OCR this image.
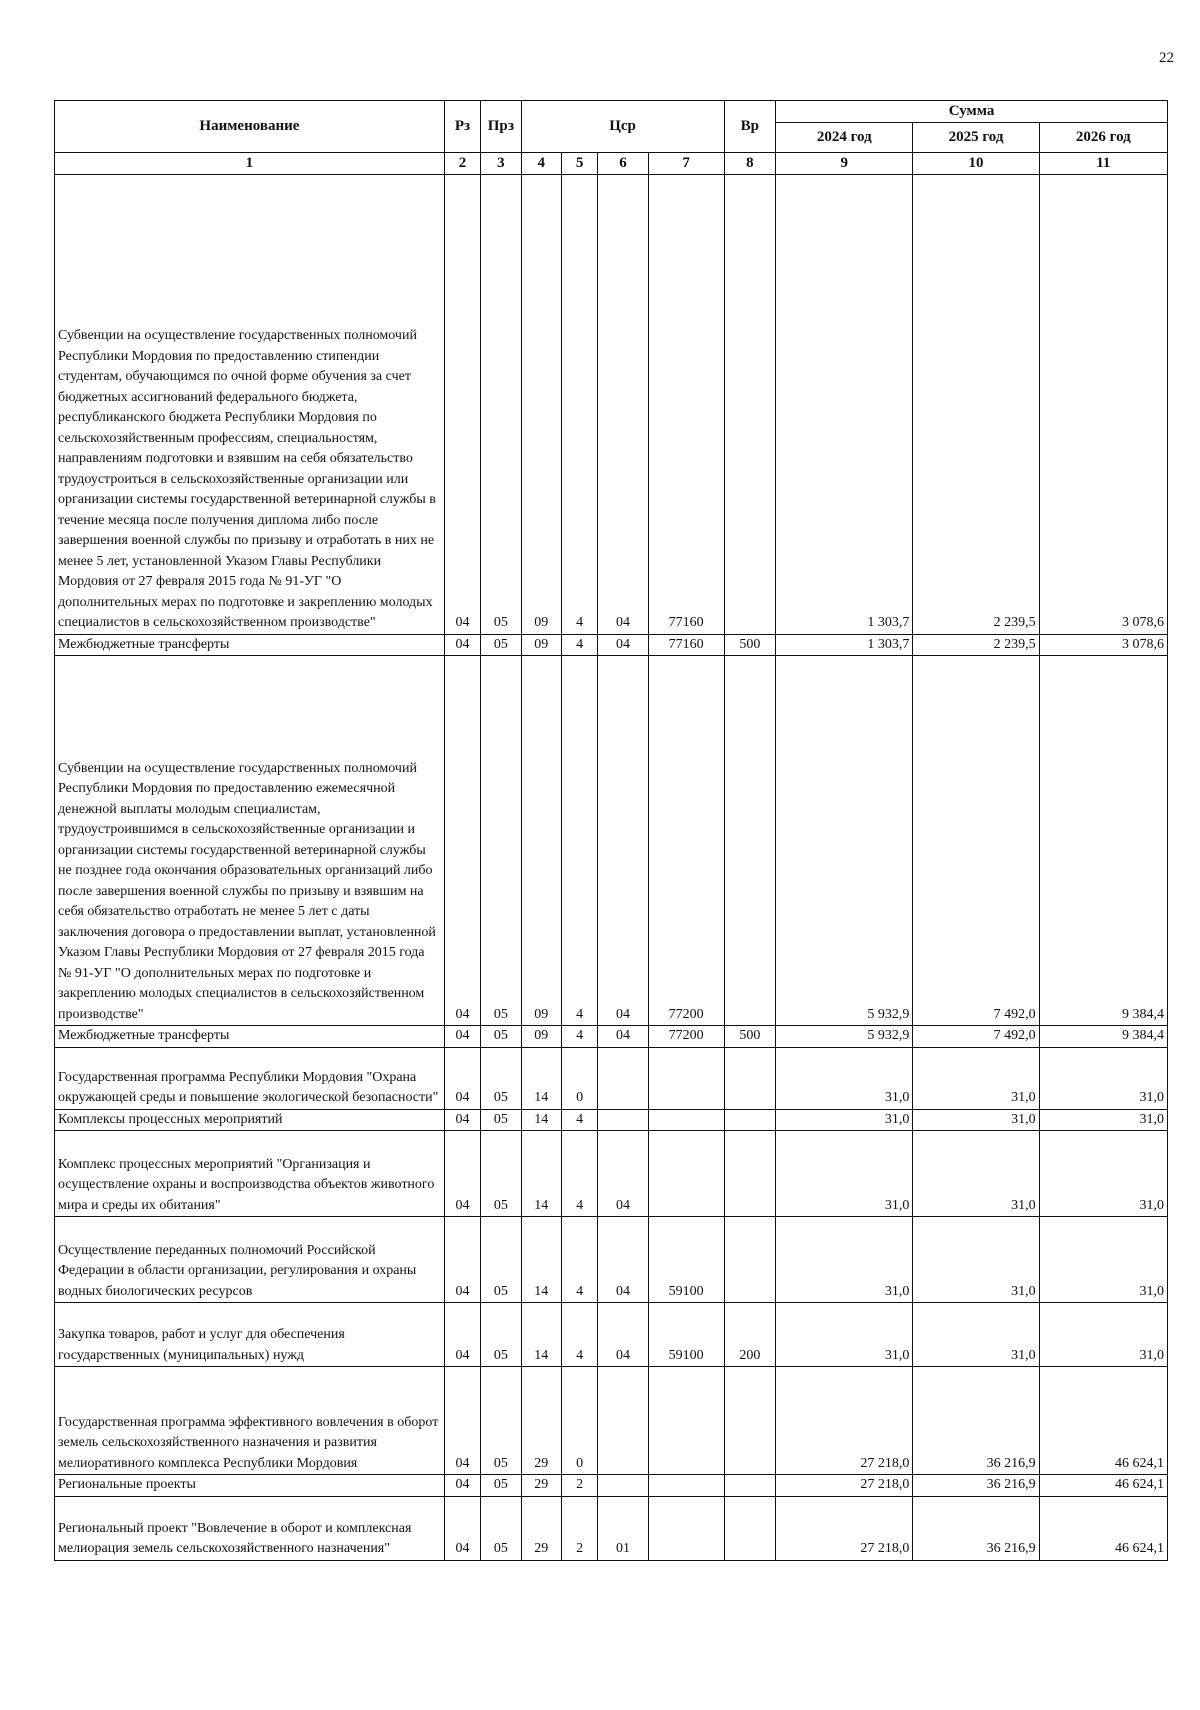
22
Наименование	Рз	Прз	Цср				Вр	Сумма		
								2024 год	2025 год	2026 год
1	2	3	4	5	6	7	8	9	10	11
Субвенции на осуществление государственных полномочий Республики Мордовия по предоставлению стипендии студентам, обучающимся по очной форме обучения за счет бюджетных ассигнований федерального бюджета, республиканского бюджета Республики Мордовия по сельскохозяйственным профессиям, специальностям, направлениям подготовки и взявшим на себя обязательство трудоустроиться в сельскохозяйственные организации или организации системы государственной ветеринарной службы в течение месяца после получения диплома либо после завершения военной службы по призыву и отработать в них не менее 5 лет, установленной Указом Главы Республики Мордовия от 27 февраля 2015 года № 91-УГ "О дополнительных мерах по подготовке и закреплению молодых специалистов в сельскохозяйственном производстве"	04	05	09	4	04	77160		1 303,7	2 239,5	3 078,6
Межбюджетные трансферты	04	05	09	4	04	77160	500	1 303,7	2 239,5	3 078,6
Субвенции на осуществление государственных полномочий Республики Мордовия по предоставлению ежемесячной денежной выплаты молодым специалистам, трудоустроившимся в сельскохозяйственные организации и организации системы государственной ветеринарной службы не позднее года окончания образовательных организаций либо после завершения военной службы по призыву и взявшим на себя обязательство отработать не менее 5 лет с даты заключения договора о предоставлении выплат, установленной Указом Главы Республики Мордовия от 27 февраля 2015 года № 91-УГ "О дополнительных мерах по подготовке и закреплению молодых специалистов в сельскохозяйственном производстве"	04	05	09	4	04	77200		5 932,9	7 492,0	9 384,4
Межбюджетные трансферты	04	05	09	4	04	77200	500	5 932,9	7 492,0	9 384,4
Государственная программа Республики Мордовия "Охрана окружающей среды и повышение экологической безопасности"	04	05	14	0				31,0	31,0	31,0
Комплексы процессных мероприятий	04	05	14	4				31,0	31,0	31,0
Комплекс процессных мероприятий "Организация и осуществление охраны и воспроизводства объектов животного мира и среды их обитания"	04	05	14	4	04			31,0	31,0	31,0
Осуществление переданных полномочий Российской Федерации в области организации, регулирования и охраны водных биологических ресурсов	04	05	14	4	04	59100		31,0	31,0	31,0
Закупка товаров, работ и услуг для обеспечения государственных (муниципальных) нужд	04	05	14	4	04	59100	200	31,0	31,0	31,0
Государственная программа эффективного вовлечения в оборот земель сельскохозяйственного назначения и развития мелиоративного комплекса Республики Мордовия	04	05	29	0				27 218,0	36 216,9	46 624,1
Региональные проекты	04	05	29	2				27 218,0	36 216,9	46 624,1
Региональный проект "Вовлечение в оборот и комплексная мелиорация земель сельскохозяйственного назначения"	04	05	29	2	01			27 218,0	36 216,9	46 624,1
